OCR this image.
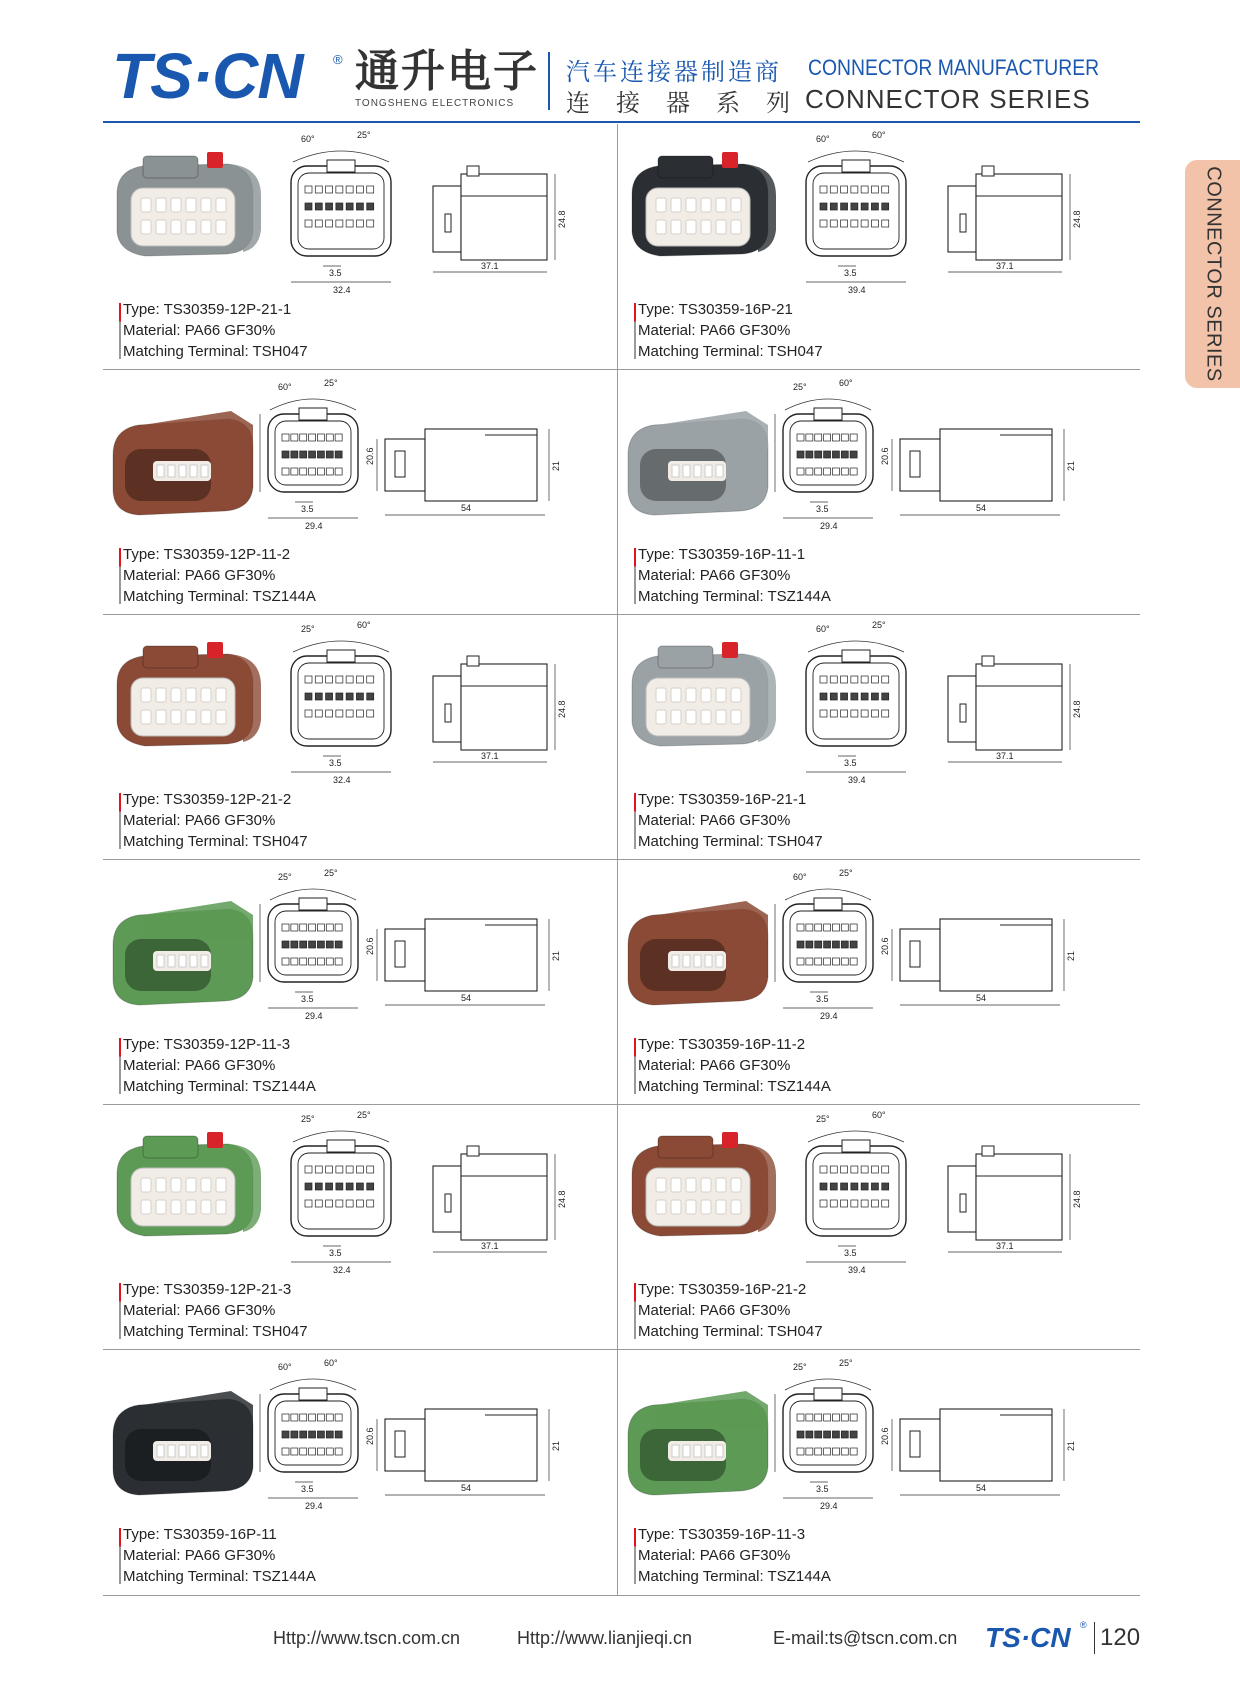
TS·CN ® 通升电子
TONGSHENG ELECTRONICS
汽车连接器制造商 CONNECTOR MANUFACTURER
连接器系列
CONNECTOR SERIES
CONNECTOR SERIES
60°	25°
3.5
32.4
37.1
24.8
Type: TS30359-12P-21-1
Material: PA66 GF30%
Matching Terminal: TSH047
60°	60°
3.5
39.4
37.1
24.8
Type: TS30359-16P-21
Material: PA66 GF30%
Matching Terminal: TSH047
60°	25°
3.5
29.4
54
20.6
21
Type: TS30359-12P-11-2
Material: PA66 GF30%
Matching Terminal: TSZ144A
25°	60°
3.5
29.4
54
20.6
21
Type: TS30359-16P-11-1
Material: PA66 GF30%
Matching Terminal: TSZ144A
25°	60°
3.5
32.4
37.1
24.8
Type: TS30359-12P-21-2
Material: PA66 GF30%
Matching Terminal: TSH047
60°	25°
3.5
39.4
37.1
24.8
Type: TS30359-16P-21-1
Material: PA66 GF30%
Matching Terminal: TSH047
25°	25°
3.5
29.4
54
20.6
21
Type: TS30359-12P-11-3
Material: PA66 GF30%
Matching Terminal: TSZ144A
60°	25°
3.5
29.4
54
20.6
21
Type: TS30359-16P-11-2
Material: PA66 GF30%
Matching Terminal: TSZ144A
25°	25°
3.5
32.4
37.1
24.8
Type: TS30359-12P-21-3
Material: PA66 GF30%
Matching Terminal: TSH047
25°	60°
3.5
39.4
37.1
24.8
Type: TS30359-16P-21-2
Material: PA66 GF30%
Matching Terminal: TSH047
60°	60°
3.5
29.4
54
20.6
21
Type: TS30359-16P-11
Material: PA66 GF30%
Matching Terminal: TSZ144A
25°	25°
3.5
29.4
54
20.6
21
Type: TS30359-16P-11-3
Material: PA66 GF30%
Matching Terminal: TSZ144A
Http://www.tscn.com.cn	Http://www.lianjieqi.cn	E-mail:ts@tscn.com.cn TS·CN ® 120
